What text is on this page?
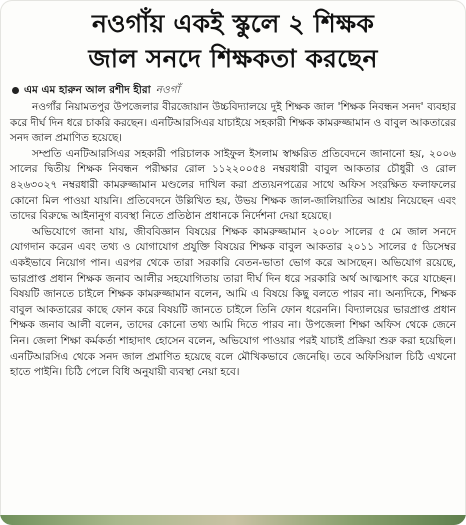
নওগাঁয় একই স্কুলে ২ শিক্ষক
জাল সনদে শিক্ষকতা করছেন
এম এম হারুন আল রশীদ হীরা নওগাঁ

নওগাঁর নিয়ামতপুর উপজেলার বীরজোয়ান উচ্চবিদ্যালয়ে দুই শিক্ষক জাল 'শিক্ষক নিবন্ধন সনদ' ব্যবহার করে দীর্ঘ দিন ধরে চাকরি করছেন। এনটিআরসিএর যাচাইয়ে সহকারী শিক্ষক কামরুজ্জামান ও বাবুল আকতারের সনদ জাল প্রমাণিত হয়েছে।

সম্প্রতি এনটিআরসিএর সহকারী পরিচালক সাইফুল ইসলাম স্বাক্ষরিত প্রতিবেদনে জানানো হয়, ২০০৬ সালের দ্বিতীয় শিক্ষক নিবন্ধন পরীক্ষার রোল ১১২২০০৫৪ নম্বরধারী বাবুল আকতার চৌধুরী ও রোল ৪২৬৩০২৭ নম্বরধারী কামরুজ্জামান মণ্ডলের দাখিল করা প্রত্যয়নপত্রের সাথে অফিস সংরক্ষিত ফলাফলের কোনো মিল পাওয়া যায়নি। প্রতিবেদনে উল্লিখিত হয়, উভয় শিক্ষক জাল-জালিয়াতির আশ্রয় নিয়েছেন এবং তাদের বিরুদ্ধে আইনানুগ ব্যবস্থা নিতে প্রতিষ্ঠান প্রধানকে নির্দেশনা দেয়া হয়েছে।

অভিযোগে জানা যায়, জীববিজ্ঞান বিষয়ের শিক্ষক কামরুজ্জামান ২০০৮ সালের ৫ মে জাল সনদে যোগদান করেন এবং তথ্য ও যোগাযোগ প্রযুক্তি বিষয়ের শিক্ষক বাবুল আকতার ২০১১ সালের ৫ ডিসেম্বর একইভাবে নিয়োগ পান। এরপর থেকে তারা সরকারি বেতন-ভাতা ভোগ করে আসছেন। অভিযোগ রয়েছে, ভারপ্রাপ্ত প্রধান শিক্ষক জনাব আলীর সহযোগিতায় তারা দীর্ঘ দিন ধরে সরকারি অর্থ আত্মসাৎ করে যাচ্ছেন। বিষয়টি জানতে চাইলে শিক্ষক কামরুজ্জামান বলেন, আমি এ বিষয়ে কিছু বলতে পারব না। অন্যদিকে, শিক্ষক বাবুল আকতারের কাছে ফোন করে বিষয়টি জানতে চাইলে তিনি ফোন ধরেননি। বিদ্যালয়ের ভারপ্রাপ্ত প্রধান শিক্ষক জনাব আলী বলেন, তাদের কোনো তথ্য আমি দিতে পারব না। উপজেলা শিক্ষা অফিস থেকে জেনে নিন। জেলা শিক্ষা কর্মকর্তা শাহাদাৎ হোসেন বলেন, অভিযোগ পাওয়ার পরই যাচাই প্রক্রিয়া শুরু করা হয়েছিল। এনটিআরসিএ থেকে সনদ জাল প্রমাণিত হয়েছে বলে মৌখিকভাবে জেনেছি। তবে অফিসিয়াল চিঠি এখনো হাতে পাইনি। চিঠি পেলে বিধি অনুযায়ী ব্যবস্থা নেয়া হবে।
